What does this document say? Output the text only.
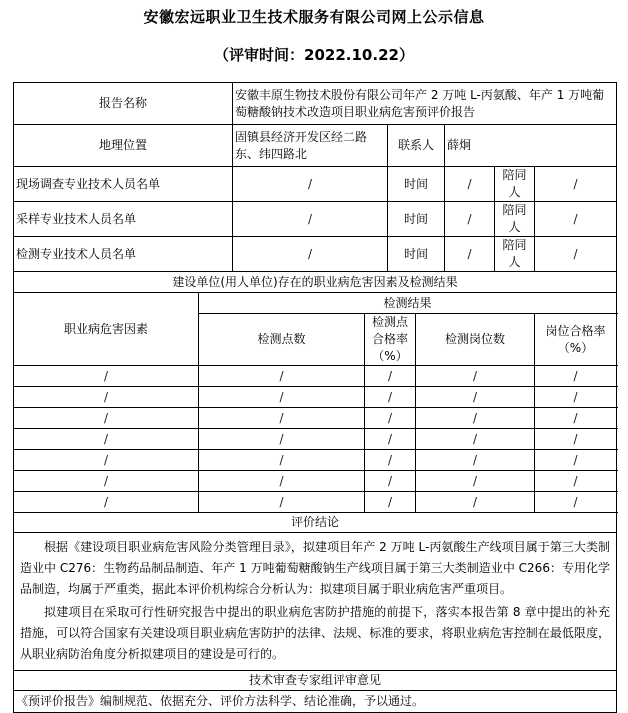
安徽宏远职业卫生技术服务有限公司网上公示信息
（评审时间：2022.10.22）
报告名称		安徽丰原生物技术股份有限公司年产 2 万吨 L-丙氨酸、年产 1 万吨葡萄糖酸钠技术改造项目职业病危害预评价报告						
地理位置		固镇县经济开发区经二路东、纬四路北		联系人		薛炯		
现场调查专业技术人员名单		/		时间		/	陪同人	/
采样专业技术人员名单		/		时间		/	陪同人	/
检测专业技术人员名单		/		时间		/	陪同人	/
建设单位(用人单位)存在的职业病危害因素及检测结果								
职业病危害因素	检测结果							
	检测点数		检测点合格率（%）		检测岗位数			岗位合格率（%）
/	/		/		/			/
/	/		/		/			/
/	/		/		/			/
/	/		/		/			/
/	/		/		/			/
/	/		/		/			/
/	/		/		/			/
评价结论								

根据《建设项目职业病危害风险分类管理目录》，拟建项目年产 2 万吨 L-丙氨酸生产线项目属于第三大类制造业中 C276：生物药品制品制造、年产 1 万吨葡萄糖酸钠生产线项目属于第三大类制造业中 C266：专用化学品制造，均属于严重类，据此本评价机构综合分析认为：拟建项目属于职业病危害严重项目。
拟建项目在采取可行性研究报告中提出的职业病危害防护措施的前提下，落实本报告第 8 章中提出的补充措施，可以符合国家有关建设项目职业病危害防护的法律、法规、标准的要求，将职业病危害控制在最低限度，从职业病防治角度分析拟建项目的建设是可行的。								

技术审查专家组评审意见								
《预评价报告》编制规范、依据充分、评价方法科学、结论准确，予以通过。								
